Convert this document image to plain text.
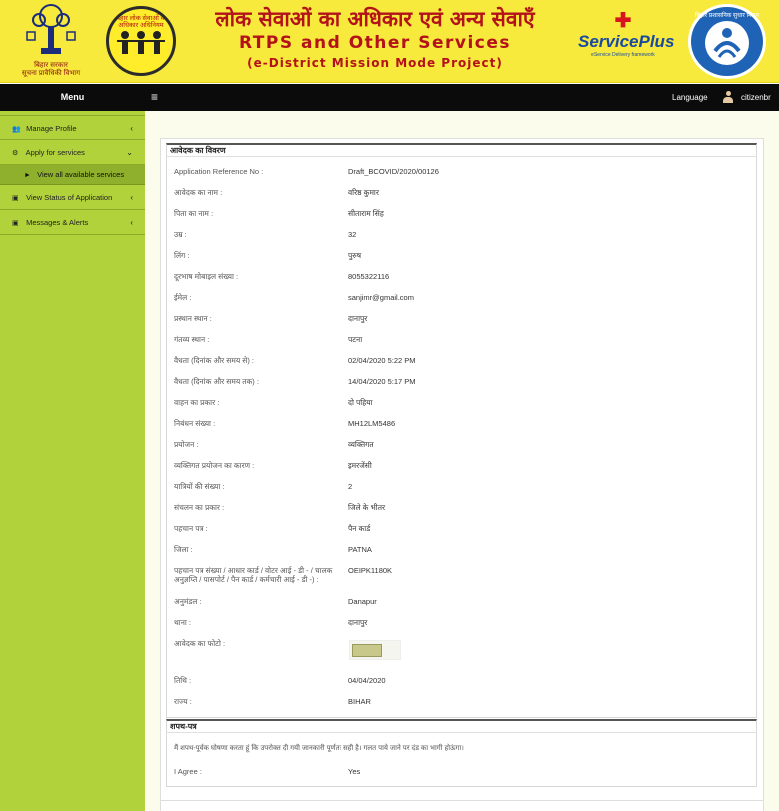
बिहार सरकार
सूचना प्रावैधिकी विभाग
बिहार लोक सेवाओं का अधिकार अधिनियम	लोक सेवाओं का अधिकार एवं अन्य सेवाएँ
RTPS and Other Services
(e-District Mission Mode Project)
✚
ServicePlus
eService Delivery framework
बिहार प्रशासनिक सुधार मिशन
Menu	≡	Language	citizenbr
👥 Manage Profile	‹
⚙ Apply for services	⌄
► View all available services
▣ View Status of Application ‹
▣ Messages & Alerts	‹
आवेदक का विवरण
Application Reference No :	Draft_BCOVID/2020/00126
आवेदक का नाम :	वरिष्ठ कुमार
पिता का नाम :	सीताराम सिंह
उम्र :	32
लिंग :	पुरुष
दूरभाष मोबाइल संख्या :	8055322116
ईमेल :	sanjimr@gmail.com
प्रस्थान स्थान :	दानापुर
गंतव्य स्थान :	पटना
वैधता (दिनांक और समय से) :	02/04/2020 5:22 PM
वैधता (दिनांक और समय तक) :	14/04/2020 5:17 PM
वाहन का प्रकार :	दो पहिया
निबंधन संख्या :	MH12LM5486
प्रयोजन :	व्यक्तिगत
व्यक्तिगत प्रयोजन का कारण :	इमरजेंसी
यात्रियों की संख्या :	2
संचलन का प्रकार :	जिले के भीतर
पहचान पत्र :	पैन कार्ड
जिला :	PATNA
पहचान पत्र संख्या / आधार कार्ड / वोटर आई - डी - / चालक अनुज्ञप्ति / पासपोर्ट / पैन कार्ड / कर्मचारी आई - डी -) :
OEIPK1180K
अनुमंडल :	Danapur
थाना :	दानापुर
आवेदक का फोटो :
तिथि :	04/04/2020
राज्य :	BIHAR
शपथ-पत्र
मैं शपथ-पूर्वक घोषणा करता हूं कि उपरोक्त दी गयी जानकारी पूर्णतः सही है। गलत पाये जाने पर दंड का भागी होऊंगा।
I Agree :	Yes
